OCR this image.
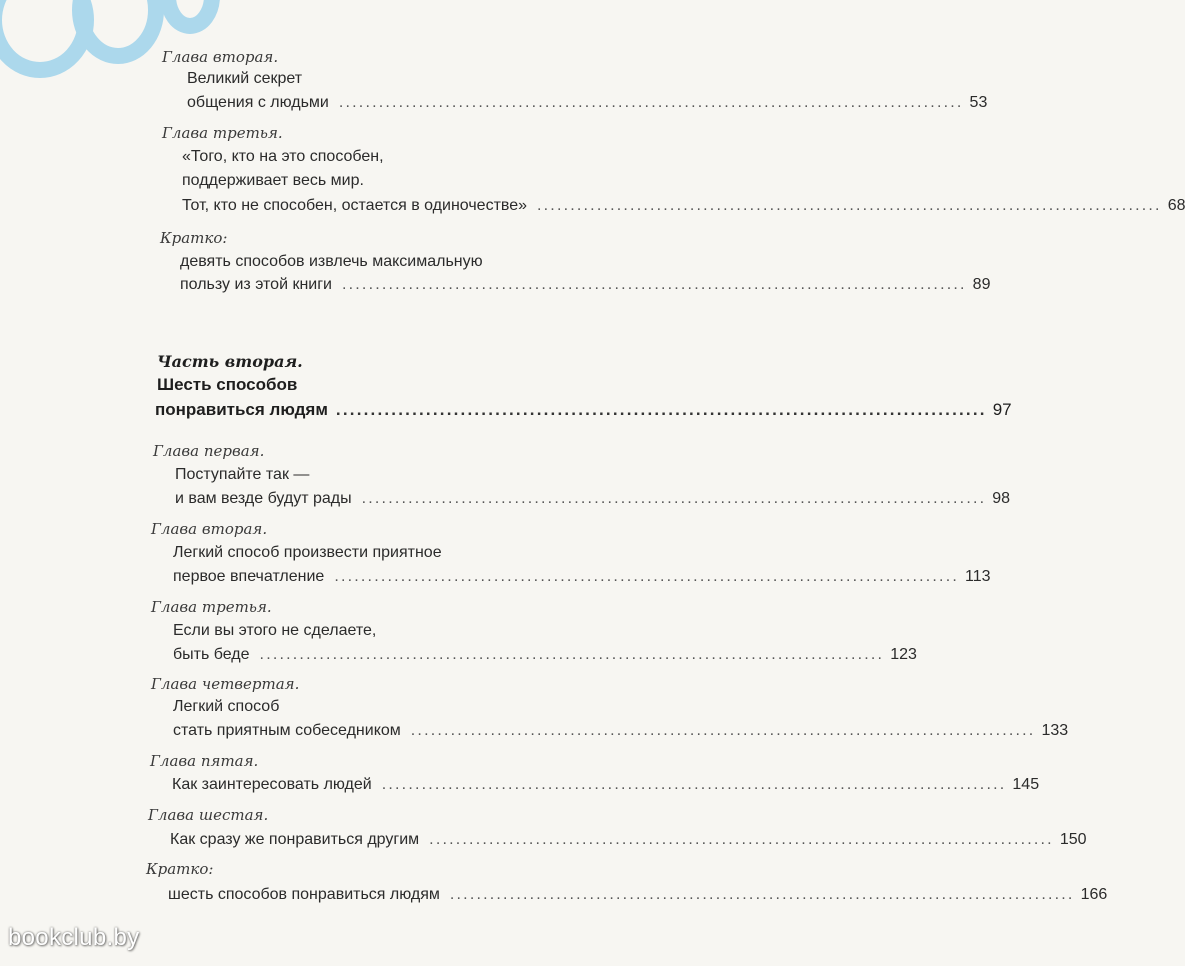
Глава вторая.
Великий секрет
общения с людьми .............................................................................................. 53
Глава третья.
«Того, кто на это способен,
поддерживает весь мир.
Тот, кто не способен, остается в одиночестве» .............................................................................................. 68
Кратко:
девять способов извлечь максимальную
пользу из этой книги .............................................................................................. 89
Часть вторая.
Шесть способов
понравиться людям .............................................................................................. 97
Глава первая.
Поступайте так —
и вам везде будут рады .............................................................................................. 98
Глава вторая.
Легкий способ произвести приятное
первое впечатление .............................................................................................. 113
Глава третья.
Если вы этого не сделаете,
быть беде .............................................................................................. 123
Глава четвертая.
Легкий способ
стать приятным собеседником .............................................................................................. 133
Глава пятая.
Как заинтересовать людей .............................................................................................. 145
Глава шестая.
Как сразу же понравиться другим .............................................................................................. 150
Кратко:
шесть способов понравиться людям .............................................................................................. 166
bookclub.by
